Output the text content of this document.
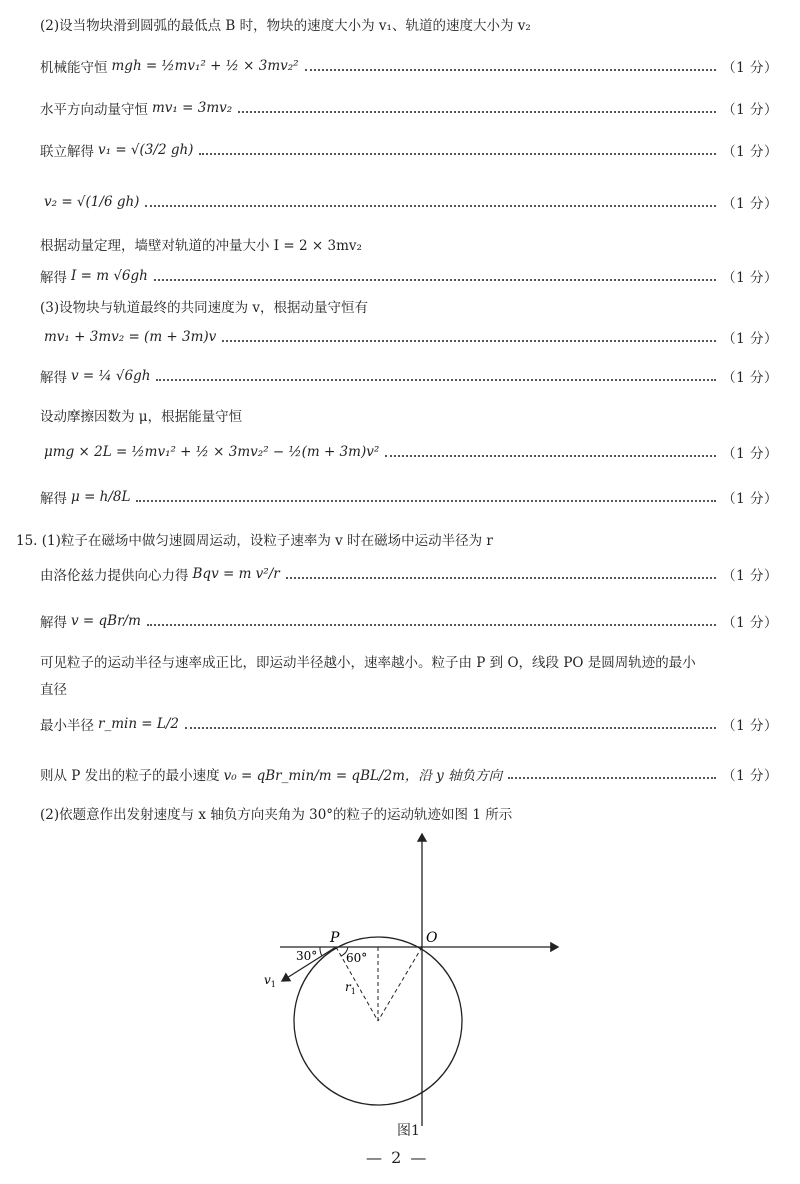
(2)设当物块滑到圆弧的最低点 B 时，物块的速度大小为 v₁、轨道的速度大小为 v₂
机械能守恒 mgh = ½mv₁² + ½ × 3mv₂²	（1 分）
水平方向动量守恒 mv₁ = 3mv₂	（1 分）
联立解得 v₁ = √(3/2 gh)	（1 分）
v₂ = √(1/6 gh)	（1 分）
根据动量定理，墙壁对轨道的冲量大小 I = 2 × 3mv₂
解得 I = m √6gh	（1 分）
(3)设物块与轨道最终的共同速度为 v，根据动量守恒有
mv₁ + 3mv₂ = (m + 3m)v	（1 分）
解得 v = ¼ √6gh	（1 分）
设动摩擦因数为 μ，根据能量守恒
μmg × 2L = ½mv₁² + ½ × 3mv₂² − ½(m + 3m)v²	（1 分）
解得 μ = h/8L	（1 分）
15. (1)粒子在磁场中做匀速圆周运动，设粒子速率为 v 时在磁场中运动半径为 r
由洛伦兹力提供向心力得 Bqv = m v²/r	（1 分）
解得 v = qBr/m	（1 分）
可见粒子的运动半径与速率成正比，即运动半径越小，速率越小。粒子由 P 到 O，线段 PO 是圆周轨迹的最小
直径
最小半径 r_min = L/2	（1 分）
则从 P 发出的粒子的最小速度 v₀ = qBr_min/m = qBL/2m，沿 y 轴负方向	（1 分）
(2)依题意作出发射速度与 x 轴负方向夹角为 30°的粒子的运动轨迹如图 1 所示
P	O
30° 60°
$v_1$	$r_1$
图1
— 2 —
